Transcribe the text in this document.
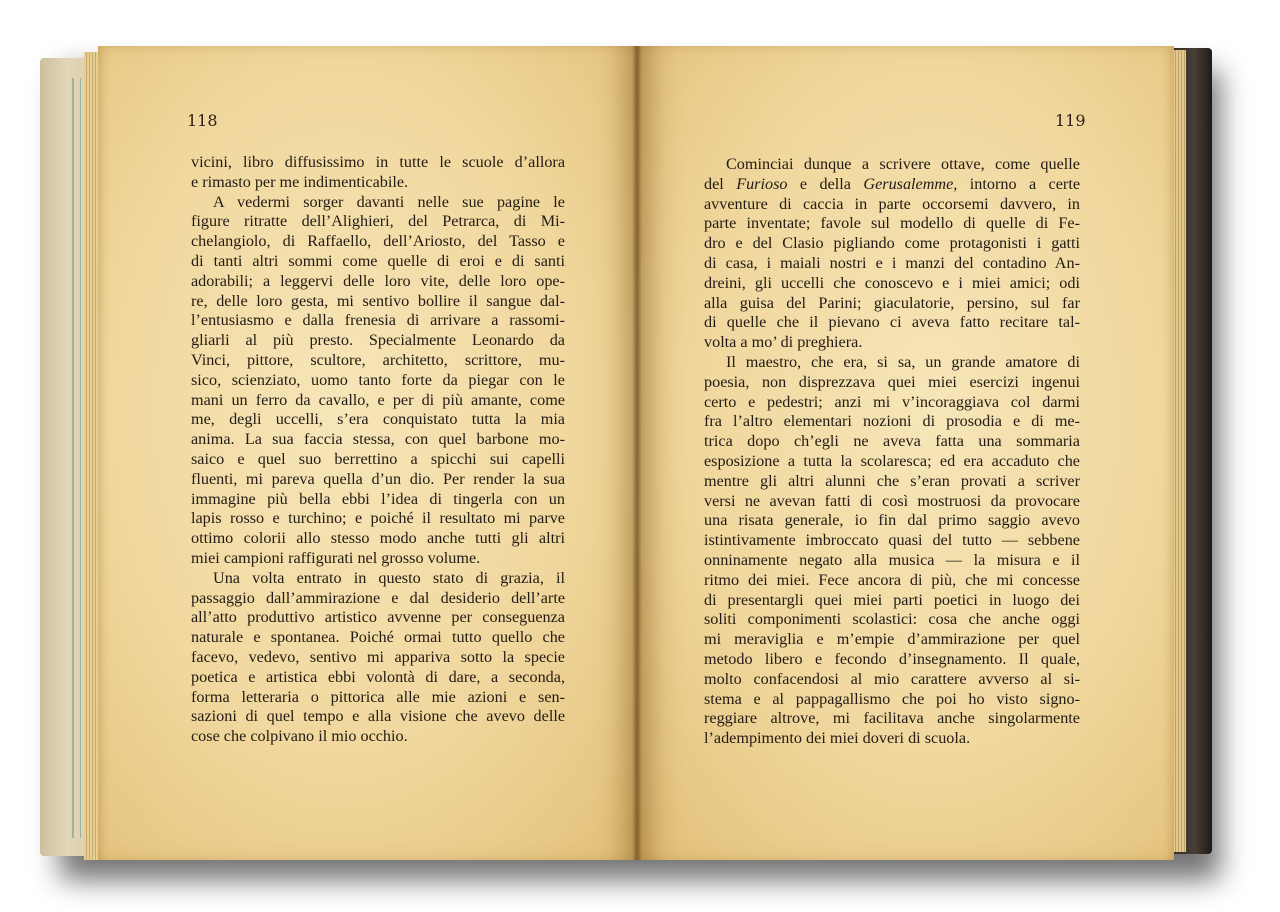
118	119
vicini, libro diffusissimo in tutte le scuole d’allora
e rimasto per me indimenticabile.
A vedermi sorger davanti nelle sue pagine le
figure ritratte dell’Alighieri, del Petrarca, di Mi-
chelangiolo, di Raffaello, dell’Ariosto, del Tasso e
di tanti altri sommi come quelle di eroi e di santi
adorabili; a leggervi delle loro vite, delle loro ope-
re, delle loro gesta, mi sentivo bollire il sangue dal-
l’entusiasmo e dalla frenesia di arrivare a rassomi-
gliarli al più presto. Specialmente Leonardo da
Vinci, pittore, scultore, architetto, scrittore, mu-
sico, scienziato, uomo tanto forte da piegar con le
mani un ferro da cavallo, e per di più amante, come
me, degli uccelli, s’era conquistato tutta la mia
anima. La sua faccia stessa, con quel barbone mo-
saico e quel suo berrettino a spicchi sui capelli
fluenti, mi pareva quella d’un dio. Per render la sua
immagine più bella ebbi l’idea di tingerla con un
lapis rosso e turchino; e poiché il resultato mi parve
ottimo colorii allo stesso modo anche tutti gli altri
miei campioni raffigurati nel grosso volume.
Una volta entrato in questo stato di grazia, il
passaggio dall’ammirazione e dal desiderio dell’arte
all’atto produttivo artistico avvenne per conseguenza
naturale e spontanea. Poiché ormai tutto quello che
facevo, vedevo, sentivo mi appariva sotto la specie
poetica e artistica ebbi volontà di dare, a seconda,
forma letteraria o pittorica alle mie azioni e sen-
sazioni di quel tempo e alla visione che avevo delle
cose che colpivano il mio occhio.
Cominciai dunque a scrivere ottave, come quelle
del Furioso e della Gerusalemme, intorno a certe
avventure di caccia in parte occorsemi davvero, in
parte inventate; favole sul modello di quelle di Fe-
dro e del Clasio pigliando come protagonisti i gatti
di casa, i maiali nostri e i manzi del contadino An-
dreini, gli uccelli che conoscevo e i miei amici; odi
alla guisa del Parini; giaculatorie, persino, sul far
di quelle che il pievano ci aveva fatto recitare tal-
volta a mo’ di preghiera.
Il maestro, che era, si sa, un grande amatore di
poesia, non disprezzava quei miei esercizi ingenui
certo e pedestri; anzi mi v’incoraggiava col darmi
fra l’altro elementari nozioni di prosodia e di me-
trica dopo ch’egli ne aveva fatta una sommaria
esposizione a tutta la scolaresca; ed era accaduto che
mentre gli altri alunni che s’eran provati a scriver
versi ne avevan fatti di così mostruosi da provocare
una risata generale, io fin dal primo saggio avevo
istintivamente imbroccato quasi del tutto — sebbene
onninamente negato alla musica — la misura e il
ritmo dei miei. Fece ancora di più, che mi concesse
di presentargli quei miei parti poetici in luogo dei
soliti componimenti scolastici: cosa che anche oggi
mi meraviglia e m’empie d’ammirazione per quel
metodo libero e fecondo d’insegnamento. Il quale,
molto confacendosi al mio carattere avverso al si-
stema e al pappagallismo che poi ho visto signo-
reggiare altrove, mi facilitava anche singolarmente
l’adempimento dei miei doveri di scuola.
